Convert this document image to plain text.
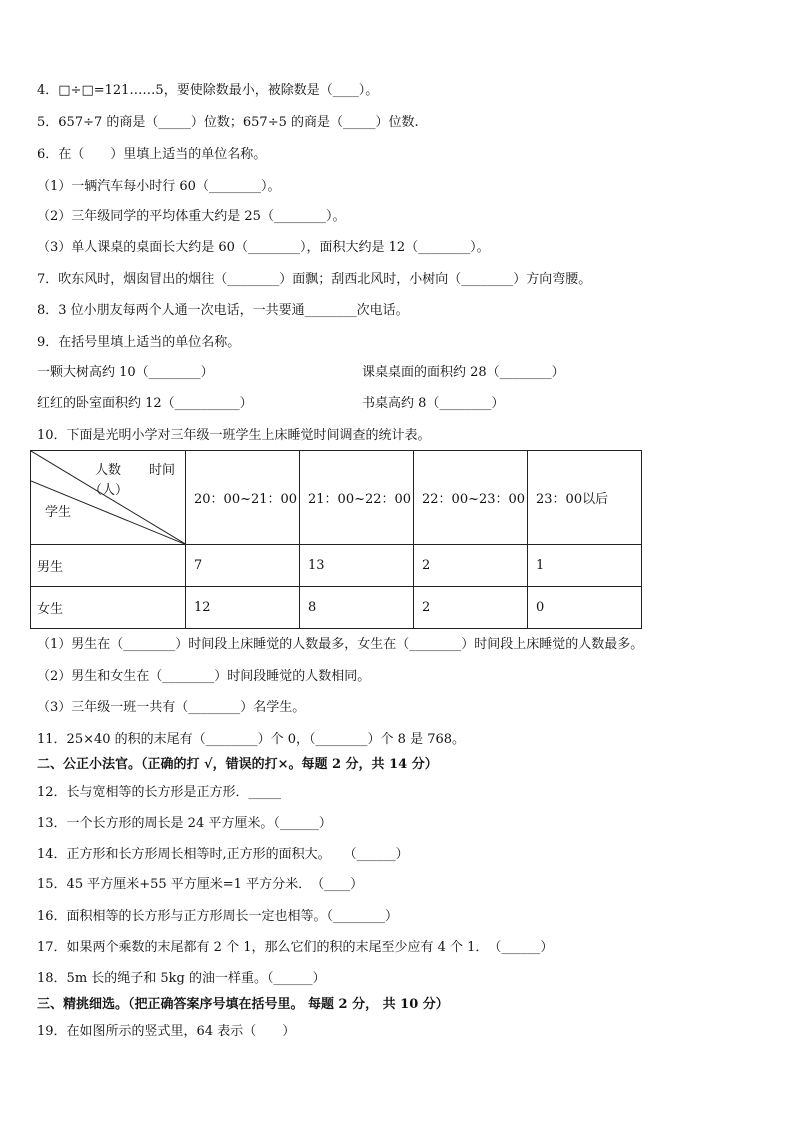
4．□÷□=121……5，要使除数最小，被除数是（____）。
5．657÷7 的商是（_____）位数；657÷5 的商是（_____）位数.
6．在（　　）里填上适当的单位名称。
（1）一辆汽车每小时行 60（________）。
（2）三年级同学的平均体重大约是 25（________）。
（3）单人课桌的桌面长大约是 60（________），面积大约是 12（________）。
7．吹东风时，烟囱冒出的烟往（________）面飘；刮西北风时，小树向（________）方向弯腰。
8．3 位小朋友每两个人通一次电话，一共要通________次电话。
9．在括号里填上适当的单位名称。
一颗大树高约 10（________）	课桌桌面的面积约 28（________）
红红的卧室面积约 12（__________）	书桌高约 8（________）
10．下面是光明小学对三年级一班学生上床睡觉时间调查的统计表。
人数 时间
（人）
学生	20：00~21：00	21：00~22：00	22：00~23：00	23：00以后
男生	7	13	2	1
女生	12	8	2	0
（1）男生在（________）时间段上床睡觉的人数最多，女生在（________）时间段上床睡觉的人数最多。
（2）男生和女生在（________）时间段睡觉的人数相同。
（3）三年级一班一共有（________）名学生。
11．25×40 的积的末尾有（________）个 0，（________）个 8 是 768。
二、公正小法官。（正确的打 √，错误的打×。每题 2 分，共 14 分）
12．长与宽相等的长方形是正方形．_____
13．一个长方形的周长是 24 平方厘米。（______）
14．正方形和长方形周长相等时,正方形的面积大。　　（______）
15．45 平方厘米+55 平方厘米=1 平方分米．　（____）
16．面积相等的长方形与正方形周长一定也相等。（________）
17．如果两个乘数的末尾都有 2 个 1，那么它们的积的末尾至少应有 4 个 1．　（______）
18．5m 长的绳子和 5kg 的油一样重。（______）
三、精挑细选。（把正确答案序号填在括号里。 每题 2 分， 共 10 分）
19．在如图所示的竖式里，64 表示（　　）
